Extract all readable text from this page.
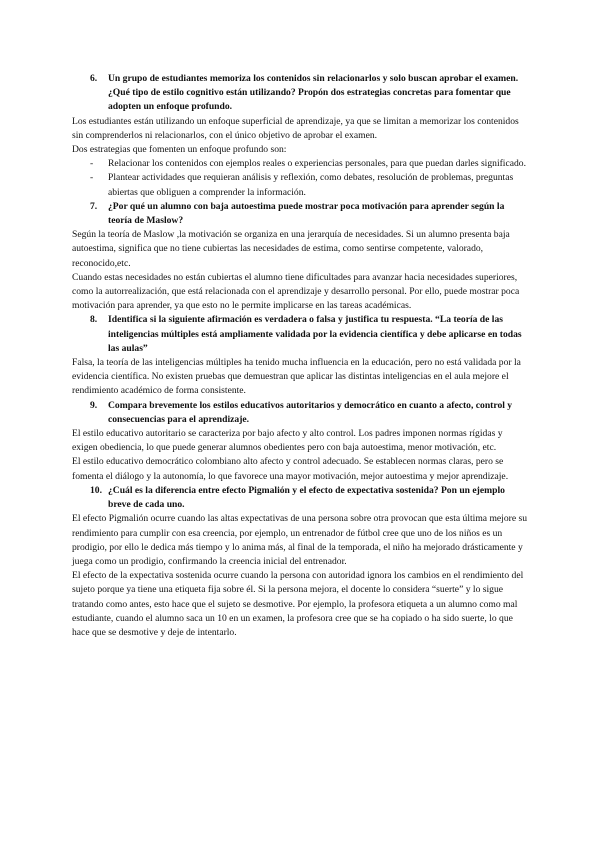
6.	Un grupo de estudiantes memoriza los contenidos sin relacionarlos y solo buscan aprobar el examen. ¿Qué tipo de estilo cognitivo están utilizando? Propón dos estrategias concretas para fomentar que adopten un enfoque profundo.

Los estudiantes están utilizando un enfoque superficial de aprendizaje, ya que se limitan a memorizar los contenidos sin comprenderlos ni relacionarlos, con el único objetivo de aprobar el examen.

Dos estrategias que fomenten un enfoque profundo son:

-	Relacionar los contenidos con ejemplos reales o experiencias personales, para que puedan darles significado.
-	Plantear actividades que requieran análisis y reflexión, como debates, resolución de problemas, preguntas abiertas que obliguen a comprender la información.
7.	¿Por qué un alumno con baja autoestima puede mostrar poca motivación para aprender según la teoría de Maslow?

Según la teoría de Maslow ,la motivación se organiza en una jerarquía de necesidades. Si un alumno presenta baja autoestima, significa que no tiene cubiertas las necesidades de estima, como sentirse competente, valorado, reconocido,etc.

Cuando estas necesidades no están cubiertas el alumno tiene dificultades para avanzar hacia necesidades superiores, como la autorrealización, que está relacionada con el aprendizaje y desarrollo personal. Por ello, puede mostrar poca motivación para aprender, ya que esto no le permite implicarse en las tareas académicas.

8.	Identifica si la siguiente afirmación es verdadera o falsa y justifica tu respuesta. “La teoría de las inteligencias múltiples está ampliamente validada por la evidencia científica y debe aplicarse en todas las aulas”

Falsa, la teoría de las inteligencias múltiples ha tenido mucha influencia en la educación, pero no está validada por la evidencia científica. No existen pruebas que demuestran que aplicar las distintas inteligencias en el aula mejore el rendimiento académico de forma consistente.

9.	Compara brevemente los estilos educativos autoritarios y democrático en cuanto a afecto, control y consecuencias para el aprendizaje.

El estilo educativo autoritario se caracteriza por bajo afecto y alto control. Los padres imponen normas rígidas y exigen obediencia, lo que puede generar alumnos obedientes pero con baja autoestima, menor motivación, etc.

El estilo educativo democrático colombiano alto afecto y control adecuado. Se establecen normas claras, pero se fomenta el diálogo y la autonomía, lo que favorece una mayor motivación, mejor autoestima y mejor aprendizaje.

10. ¿Cuál es la diferencia entre efecto Pigmalión y el efecto de expectativa sostenida? Pon un ejemplo breve de cada uno.

El efecto Pigmalión ocurre cuando las altas expectativas de una persona sobre otra provocan que esta última mejore su rendimiento para cumplir con esa creencia, por ejemplo, un entrenador de fútbol cree que uno de los niños es un prodigio, por ello le dedica más tiempo y lo anima más, al final de la temporada, el niño ha mejorado drásticamente y juega como un prodigio, confirmando la creencia inicial del entrenador.

El efecto de la expectativa sostenida ocurre cuando la persona con autoridad ignora los cambios en el rendimiento del sujeto porque ya tiene una etiqueta fija sobre él. Si la persona mejora, el docente lo considera “suerte” y lo sigue tratando como antes, esto hace que el sujeto se desmotive. Por ejemplo, la profesora etiqueta a un alumno como mal estudiante, cuando el alumno saca un 10 en un examen, la profesora cree que se ha copiado o ha sido suerte, lo que hace que se desmotive y deje de intentarlo.
